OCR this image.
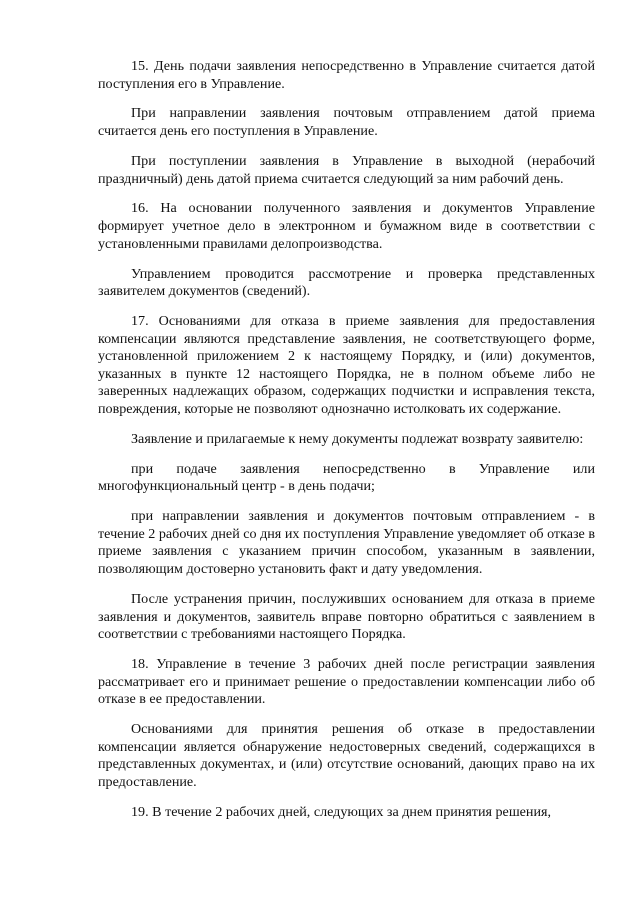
15. День подачи заявления непосредственно в Управление считается датой поступления его в Управление.

При направлении заявления почтовым отправлением датой приема считается день его поступления в Управление.

При поступлении заявления в Управление в выходной (нерабочий праздничный) день датой приема считается следующий за ним рабочий день.

16. На основании полученного заявления и документов Управление формирует учетное дело в электронном и бумажном виде в соответствии с установленными правилами делопроизводства.

Управлением проводится рассмотрение и проверка представленных заявителем документов (сведений).

17. Основаниями для отказа в приеме заявления для предоставления компенсации являются представление заявления, не соответствующего форме, установленной приложением 2 к настоящему Порядку, и (или) документов, указанных в пункте 12 настоящего Порядка, не в полном объеме либо не заверенных надлежащих образом, содержащих подчистки и исправления текста, повреждения, которые не позволяют однозначно истолковать их содержание.

Заявление и прилагаемые к нему документы подлежат возврату заявителю:

при подаче заявления непосредственно в Управление или многофункциональный центр - в день подачи;

при направлении заявления и документов почтовым отправлением - в течение 2 рабочих дней со дня их поступления Управление уведомляет об отказе в приеме заявления с указанием причин способом, указанным в заявлении, позволяющим достоверно установить факт и дату уведомления.

После устранения причин, послуживших основанием для отказа в приеме заявления и документов, заявитель вправе повторно обратиться с заявлением в соответствии с требованиями настоящего Порядка.

18. Управление в течение 3 рабочих дней после регистрации заявления рассматривает его и принимает решение о предоставлении компенсации либо об отказе в ее предоставлении.

Основаниями для принятия решения об отказе в предоставлении компенсации является обнаружение недостоверных сведений, содержащихся в представленных документах, и (или) отсутствие оснований, дающих право на их предоставление.

19. В течение 2 рабочих дней, следующих за днем принятия решения,
